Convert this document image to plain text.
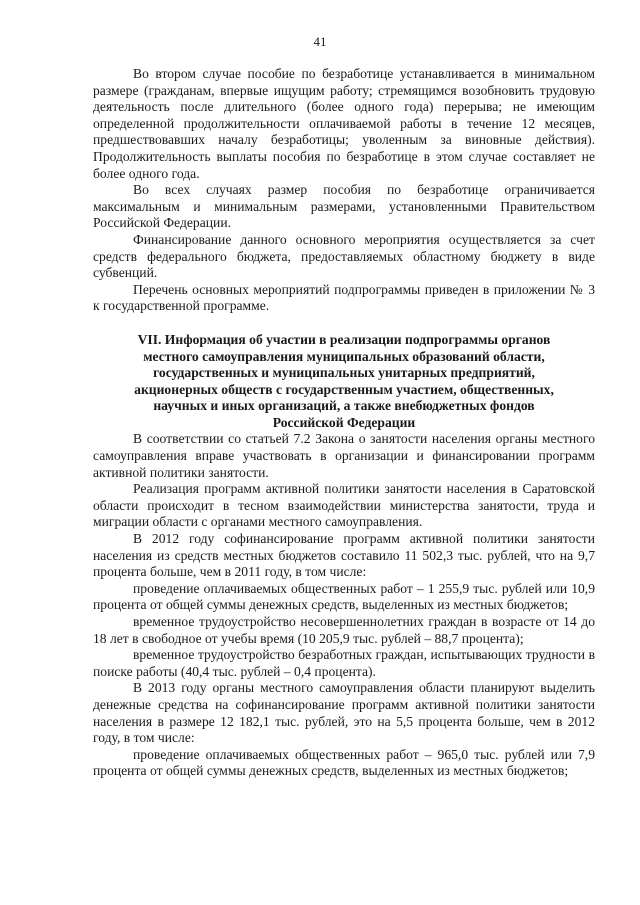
41

Во втором случае пособие по безработице устанавливается в минимальном размере (гражданам, впервые ищущим работу; стремящимся возобновить трудовую деятельность после длительного (более одного года) перерыва; не имеющим определенной продолжительности оплачиваемой работы в течение 12 месяцев, предшествовавших началу безработицы; уволенным за виновные действия). Продолжительность выплаты пособия по безработице в этом случае составляет не более одного года.

Во всех случаях размер пособия по безработице ограничивается максимальным и минимальным размерами, установленными Правительством Российской Федерации.

Финансирование данного основного мероприятия осуществляется за счет средств федерального бюджета, предоставляемых областному бюджету в виде субвенций.

Перечень основных мероприятий подпрограммы приведен в приложении № 3 к государственной программе.

VII. Информация об участии в реализации подпрограммы органов
местного самоуправления муниципальных образований области,
государственных и муниципальных унитарных предприятий,
акционерных обществ с государственным участием, общественных,
научных и иных организаций, а также внебюджетных фондов
Российской Федерации

В соответствии со статьей 7.2 Закона о занятости населения органы местного самоуправления вправе участвовать в организации и финансировании программ активной политики занятости.

Реализация программ активной политики занятости населения в Саратовской области происходит в тесном взаимодействии министерства занятости, труда и миграции области с органами местного самоуправления.

В 2012 году софинансирование программ активной политики занятости населения из средств местных бюджетов составило 11 502,3 тыс. рублей, что на 9,7 процента больше, чем в 2011 году, в том числе:

проведение оплачиваемых общественных работ – 1 255,9 тыс. рублей или 10,9 процента от общей суммы денежных средств, выделенных из местных бюджетов;

временное трудоустройство несовершеннолетних граждан в возрасте от 14 до 18 лет в свободное от учебы время (10 205,9 тыс. рублей – 88,7 процента);

временное трудоустройство безработных граждан, испытывающих трудности в поиске работы (40,4 тыс. рублей – 0,4 процента).

В 2013 году органы местного самоуправления области планируют выделить денежные средства на софинансирование программ активной политики занятости населения в размере 12 182,1 тыс. рублей, это на 5,5 процента больше, чем в 2012 году, в том числе:

проведение оплачиваемых общественных работ – 965,0 тыс. рублей или 7,9 процента от общей суммы денежных средств, выделенных из местных бюджетов;
